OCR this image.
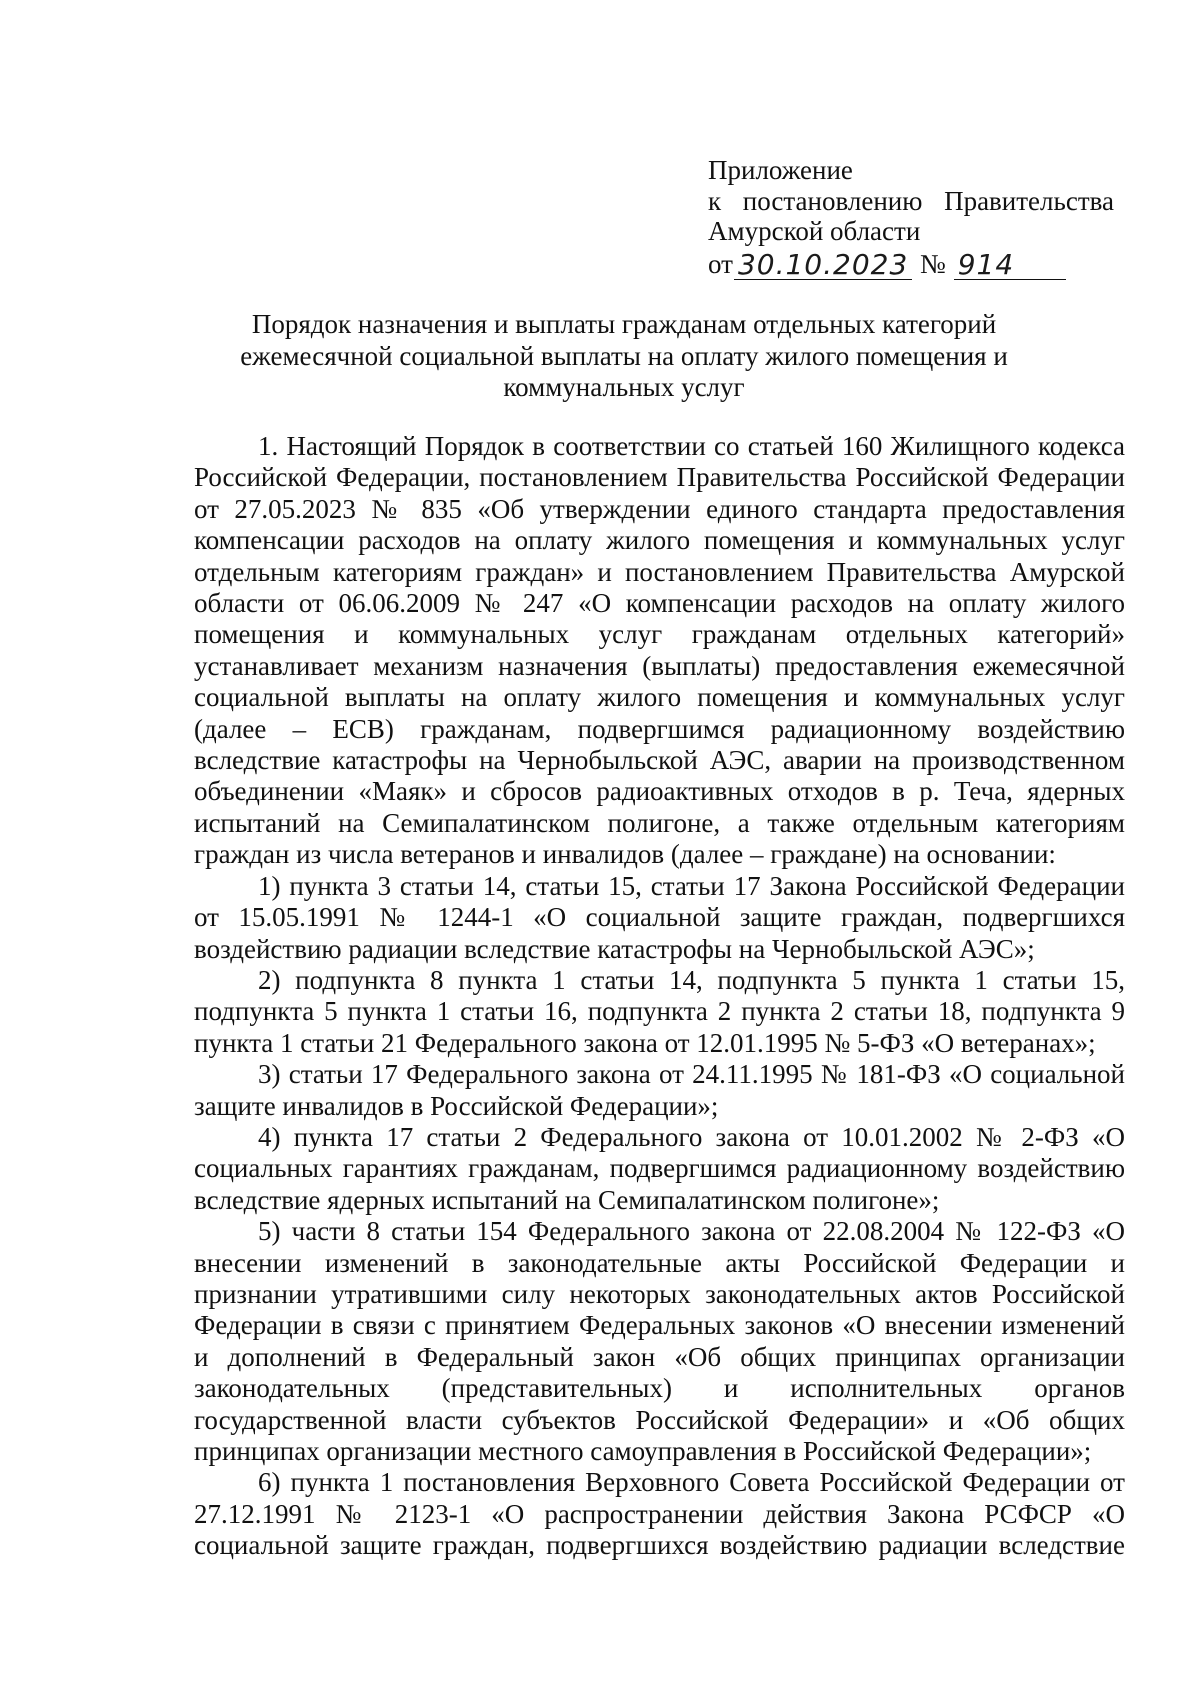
Приложение
к постановлению Правительства
Амурской области
от 30.10.2023 № 914
Порядок назначения и выплаты гражданам отдельных категорий
ежемесячной социальной выплаты на оплату жилого помещения и
коммунальных услуг
1. Настоящий Порядок в соответствии со статьей 160 Жилищного кодекса
Российской Федерации, постановлением Правительства Российской Федерации
от 27.05.2023 № 835 «Об утверждении единого стандарта предоставления
компенсации расходов на оплату жилого помещения и коммунальных услуг
отдельным категориям граждан» и постановлением Правительства Амурской
области от 06.06.2009 № 247 «О компенсации расходов на оплату жилого
помещения и коммунальных услуг гражданам отдельных категорий»
устанавливает механизм назначения (выплаты) предоставления ежемесячной
социальной выплаты на оплату жилого помещения и коммунальных услуг
(далее – ЕСВ) гражданам, подвергшимся радиационному воздействию
вследствие катастрофы на Чернобыльской АЭС, аварии на производственном
объединении «Маяк» и сбросов радиоактивных отходов в р. Теча, ядерных
испытаний на Семипалатинском полигоне, а также отдельным категориям
граждан из числа ветеранов и инвалидов (далее – граждане) на основании:
1) пункта 3 статьи 14, статьи 15, статьи 17 Закона Российской Федерации
от 15.05.1991 № 1244-1 «О социальной защите граждан, подвергшихся
воздействию радиации вследствие катастрофы на Чернобыльской АЭС»;
2) подпункта 8 пункта 1 статьи 14, подпункта 5 пункта 1 статьи 15,
подпункта 5 пункта 1 статьи 16, подпункта 2 пункта 2 статьи 18, подпункта 9
пункта 1 статьи 21 Федерального закона от 12.01.1995 № 5-ФЗ «О ветеранах»;
3) статьи 17 Федерального закона от 24.11.1995 № 181-ФЗ «О социальной
защите инвалидов в Российской Федерации»;
4) пункта 17 статьи 2 Федерального закона от 10.01.2002 № 2-ФЗ «О
социальных гарантиях гражданам, подвергшимся радиационному воздействию
вследствие ядерных испытаний на Семипалатинском полигоне»;
5) части 8 статьи 154 Федерального закона от 22.08.2004 № 122-ФЗ «О
внесении изменений в законодательные акты Российской Федерации и
признании утратившими силу некоторых законодательных актов Российской
Федерации в связи с принятием Федеральных законов «О внесении изменений
и дополнений в Федеральный закон «Об общих принципах организации
законодательных (представительных) и исполнительных органов
государственной власти субъектов Российской Федерации» и «Об общих
принципах организации местного самоуправления в Российской Федерации»;
6) пункта 1 постановления Верховного Совета Российской Федерации от
27.12.1991 № 2123-1 «О распространении действия Закона РСФСР «О
социальной защите граждан, подвергшихся воздействию радиации вследствие
